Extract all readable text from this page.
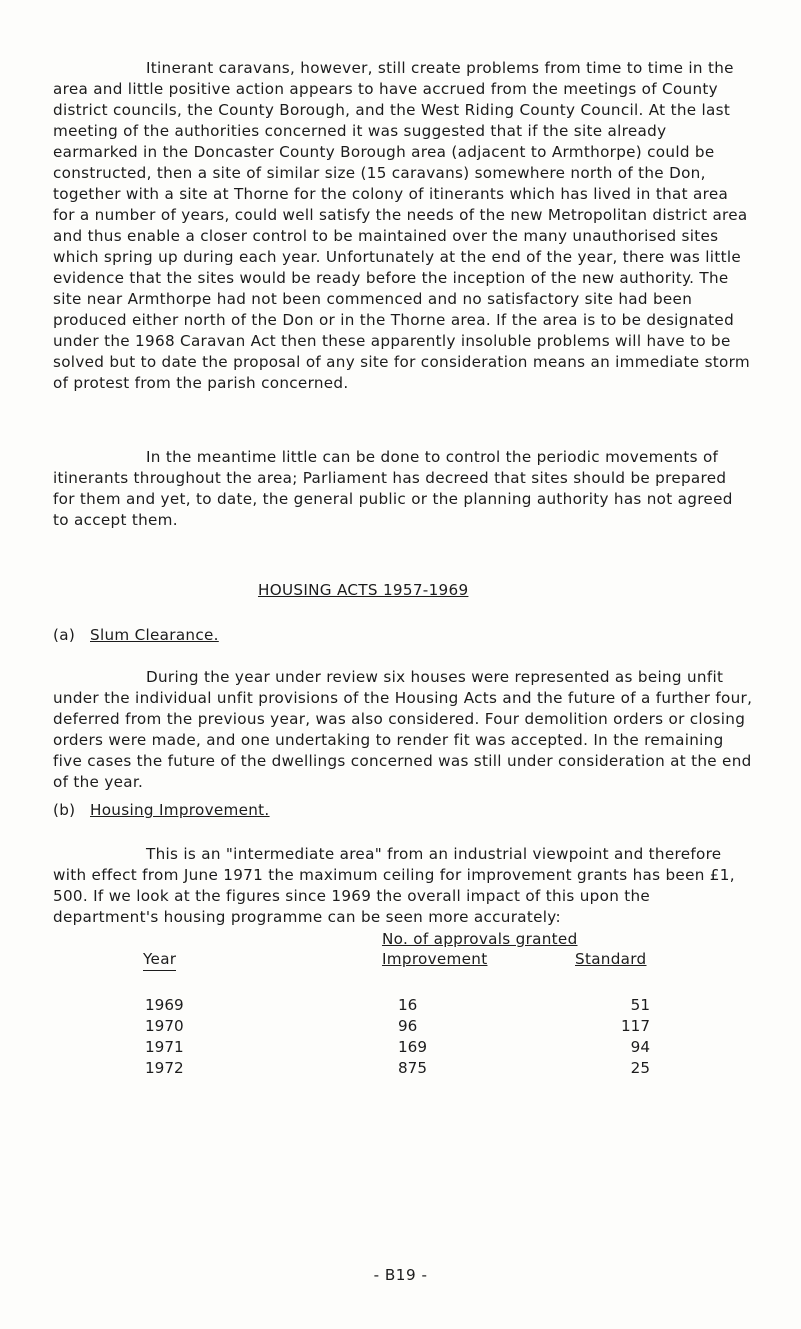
Itinerant caravans, however, still create problems from time to time in the area and little positive action appears to have accrued from the meetings of County district councils, the County Borough, and the West Riding County Council. At the last meeting of the authorities concerned it was suggested that if the site already earmarked in the Doncaster County Borough area (adjacent to Armthorpe) could be constructed, then a site of similar size (15 caravans) somewhere north of the Don, together with a site at Thorne for the colony of itinerants which has lived in that area for a number of years, could well satisfy the needs of the new Metropolitan district area and thus enable a closer control to be maintained over the many unauthorised sites which spring up during each year. Unfortunately at the end of the year, there was little evidence that the sites would be ready before the inception of the new authority. The site near Armthorpe had not been commenced and no satisfactory site had been produced either north of the Don or in the Thorne area. If the area is to be designated under the 1968 Caravan Act then these apparently insoluble problems will have to be solved but to date the proposal of any site for consideration means an immediate storm of protest from the parish concerned.

In the meantime little can be done to control the periodic movements of itinerants throughout the area; Parliament has decreed that sites should be prepared for them and yet, to date, the general public or the planning authority has not agreed to accept them.

HOUSING ACTS 1957-1969

(a) Slum Clearance.

During the year under review six houses were represented as being unfit under the individual unfit provisions of the Housing Acts and the future of a further four, deferred from the previous year, was also considered. Four demolition orders or closing orders were made, and one undertaking to render fit was accepted. In the remaining five cases the future of the dwellings concerned was still under consideration at the end of the year.

(b) Housing Improvement.

This is an "intermediate area" from an industrial viewpoint and therefore with effect from June 1971 the maximum ceiling for improvement grants has been £1, 500. If we look at the figures since 1969 the overall impact of this upon the department's housing programme can be seen more accurately:

Year
No. of approvals granted
Improvement	Standard
1969	16	51
1970	96	117
1971	169	94
1972	875	25
- B19 -
